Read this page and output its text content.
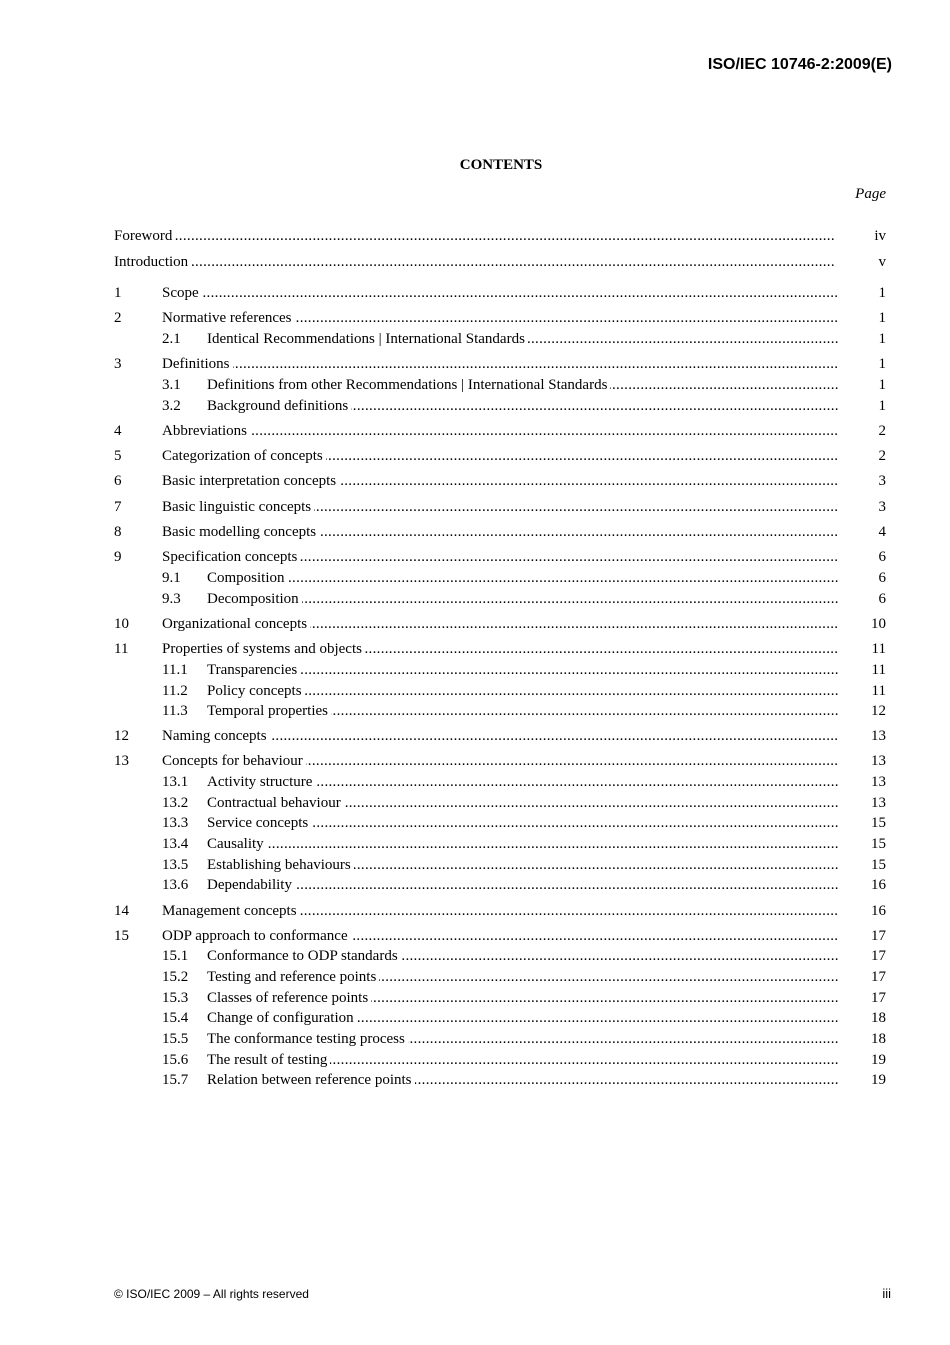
ISO/IEC 10746-2:2009(E)
CONTENTS
Page
.....
Foreword	iv
.....
Introduction	v
1 .....	Scope	1
2 .....	Normative references	1
2.1 ..... Identical Recommendations | International Standards	1
3 .....	Definitions	1
3.1 ..... Definitions from other Recommendations | International Standards	1
3.2 ..... Background definitions	1
4 .....	Abbreviations	2
5 .....	Categorization of concepts	2
6 .....	Basic interpretation concepts	3
7 .....	Basic linguistic concepts	3
8 .....	Basic modelling concepts	4
9 .....	Specification concepts	6
9.1 ..... Composition	6
9.3 ..... Decomposition	6
10 ..... Organizational concepts	10
11 ..... Properties of systems and objects	11
11.1 ..... Transparencies	11
11.2 ..... Policy concepts	11
11.3 ..... Temporal properties	12
12 ..... Naming concepts	13
13 ..... Concepts for behaviour	13
13.1 ..... Activity structure	13
13.2 ..... Contractual behaviour	13
13.3 ..... Service concepts	15
13.4 ..... Causality	15
13.5 ..... Establishing behaviours	15
13.6 ..... Dependability	16
14 ..... Management concepts	16
15 ..... ODP approach to conformance	17
15.1 ..... Conformance to ODP standards	17
15.2 ..... Testing and reference points	17
15.3 ..... Classes of reference points	17
15.4 ..... Change of configuration	18
15.5 ..... The conformance testing process	18
15.6 ..... The result of testing	19
15.7 ..... Relation between reference points	19
© ISO/IEC 2009 – All rights reserved	iii
